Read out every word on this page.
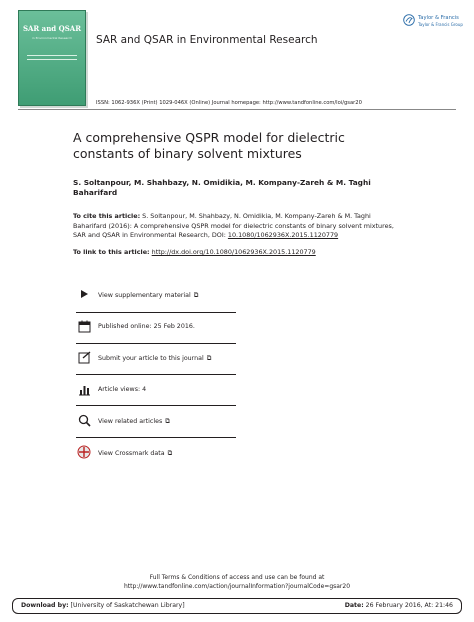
SAR and QSAR
in Environmental Research	SAR and QSAR in Environmental Research
Taylor & Francis
Taylor & Francis Group
ISSN: 1062-936X (Print) 1029-046X (Online) Journal homepage: http://www.tandfonline.com/loi/gsar20
A comprehensive QSPR model for dielectric constants of binary solvent mixtures
S. Soltanpour, M. Shahbazy, N. Omidikia, M. Kompany-Zareh & M. Taghi Baharifard
To cite this article: S. Soltanpour, M. Shahbazy, N. Omidikia, M. Kompany-Zareh & M. Taghi Baharifard (2016): A comprehensive QSPR model for dielectric constants of binary solvent mixtures, SAR and QSAR in Environmental Research, DOI: 10.1080/1062936X.2015.1120779
To link to this article: http://dx.doi.org/10.1080/1062936X.2015.1120779
View supplementary material ⧉
Published online: 25 Feb 2016.
Submit your article to this journal ⧉
Article views: 4
View related articles ⧉
View Crossmark data ⧉
Full Terms & Conditions of access and use can be found at
http://www.tandfonline.com/action/journalInformation?journalCode=gsar20
Download by: [University of Saskatchewan Library]	Date: 26 February 2016, At: 21:46
